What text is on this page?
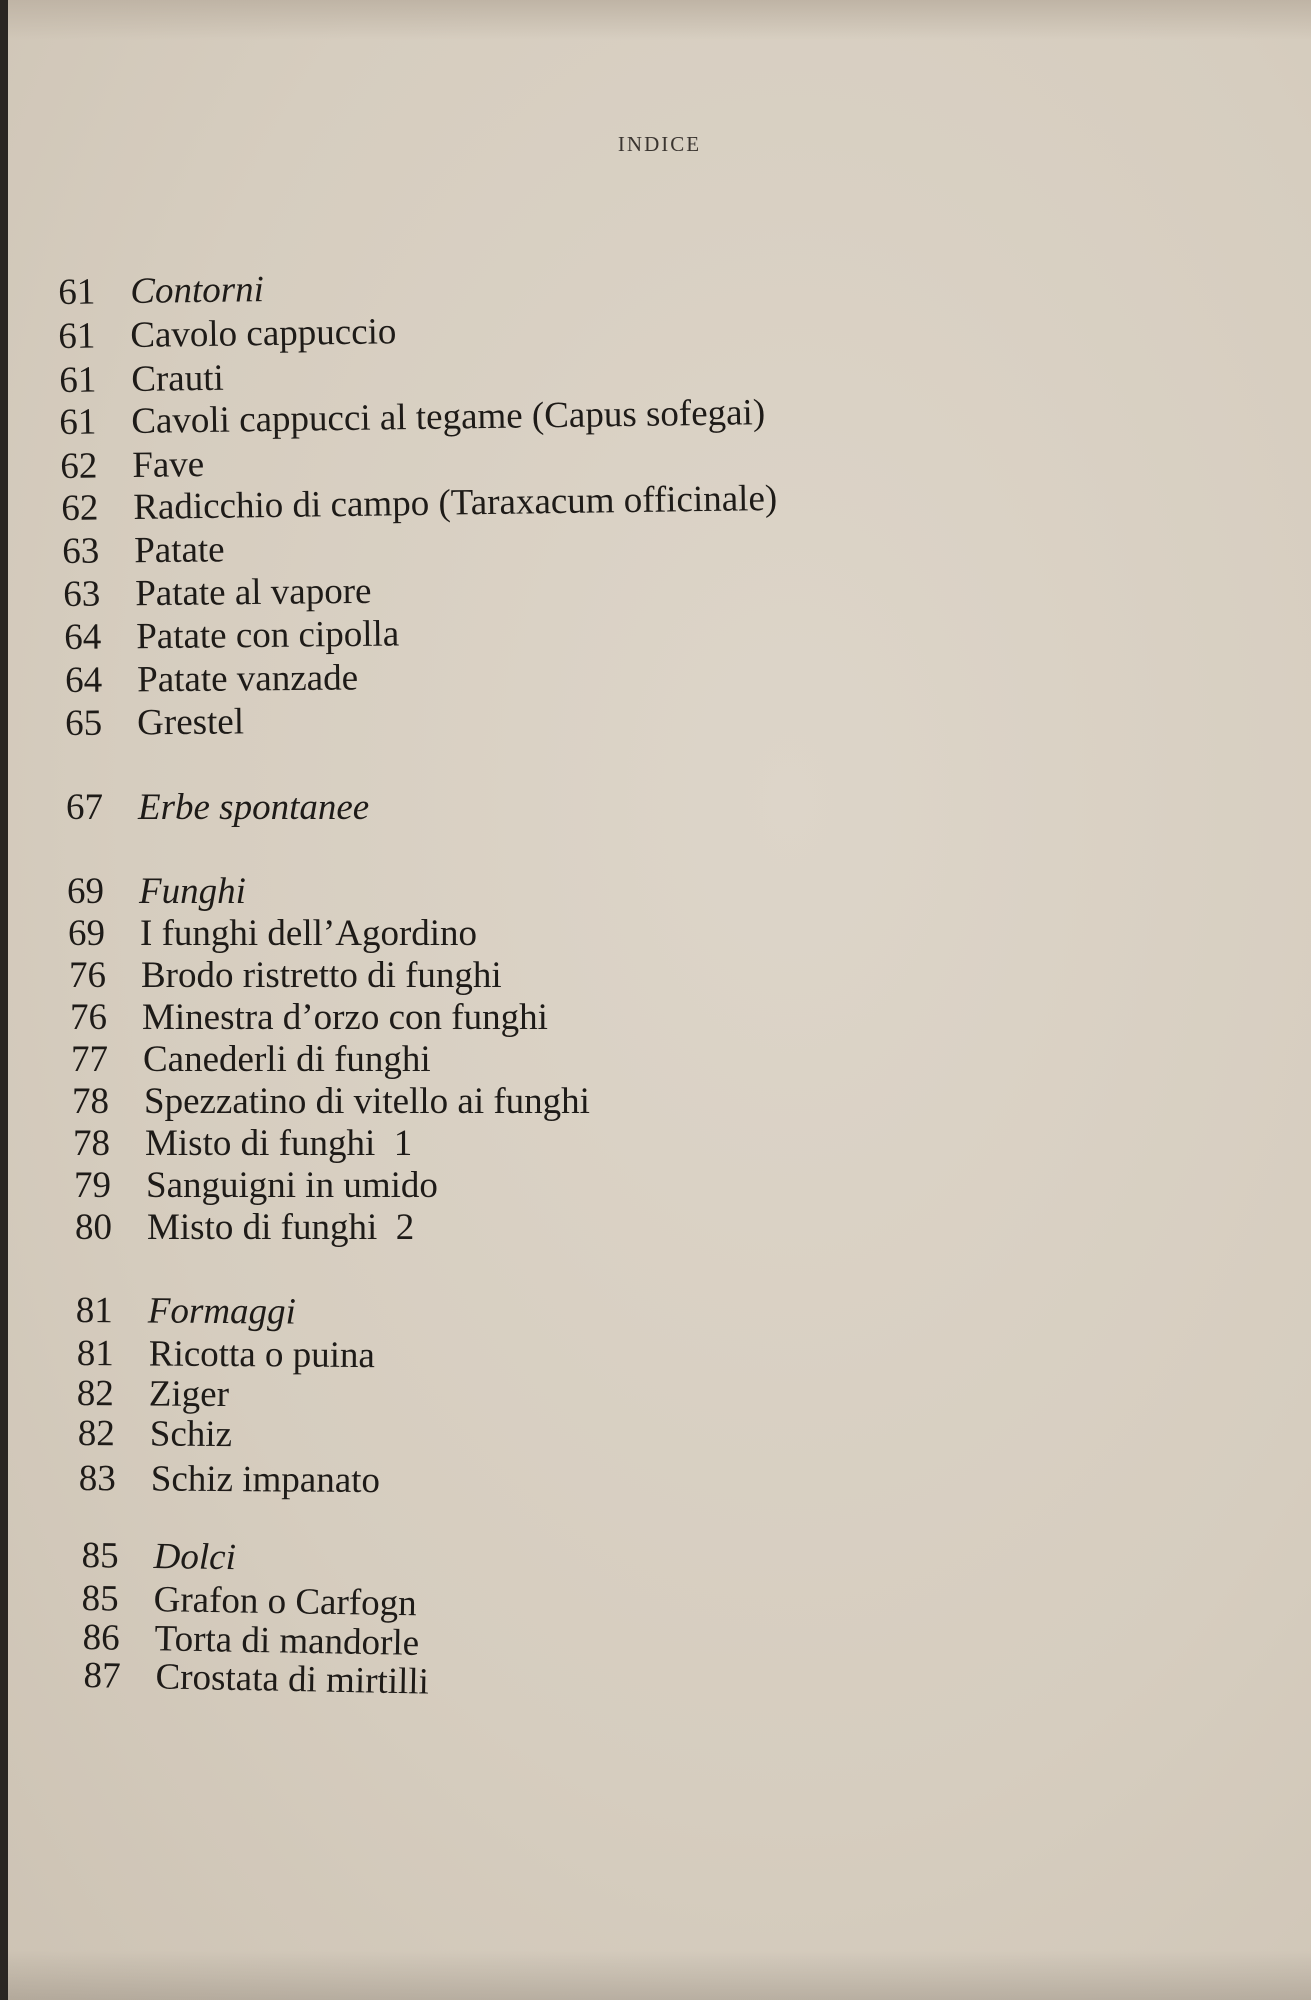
INDICE
61 Contorni
61 Cavolo cappuccio
61 Crauti
61 Cavoli cappucci al tegame (Capus sofegai)
62 Fave
62 Radicchio di campo (Taraxacum officinale)
63 Patate
63 Patate al vapore
64 Patate con cipolla
64 Patate vanzade
65 Grestel
67 Erbe spontanee
69 Funghi
69 I funghi dell’Agordino
76 Brodo ristretto di funghi
76 Minestra d’orzo con funghi
77 Canederli di funghi
78 Spezzatino di vitello ai funghi
78 Misto di funghi  1
79 Sanguigni in umido
80 Misto di funghi  2
81 Formaggi
81 Ricotta o puina
82 Ziger
82 Schiz
83 Schiz impanato
85 Dolci
85 Grafon o Carfogn
86 Torta di mandorle
87 Crostata di mirtilli
